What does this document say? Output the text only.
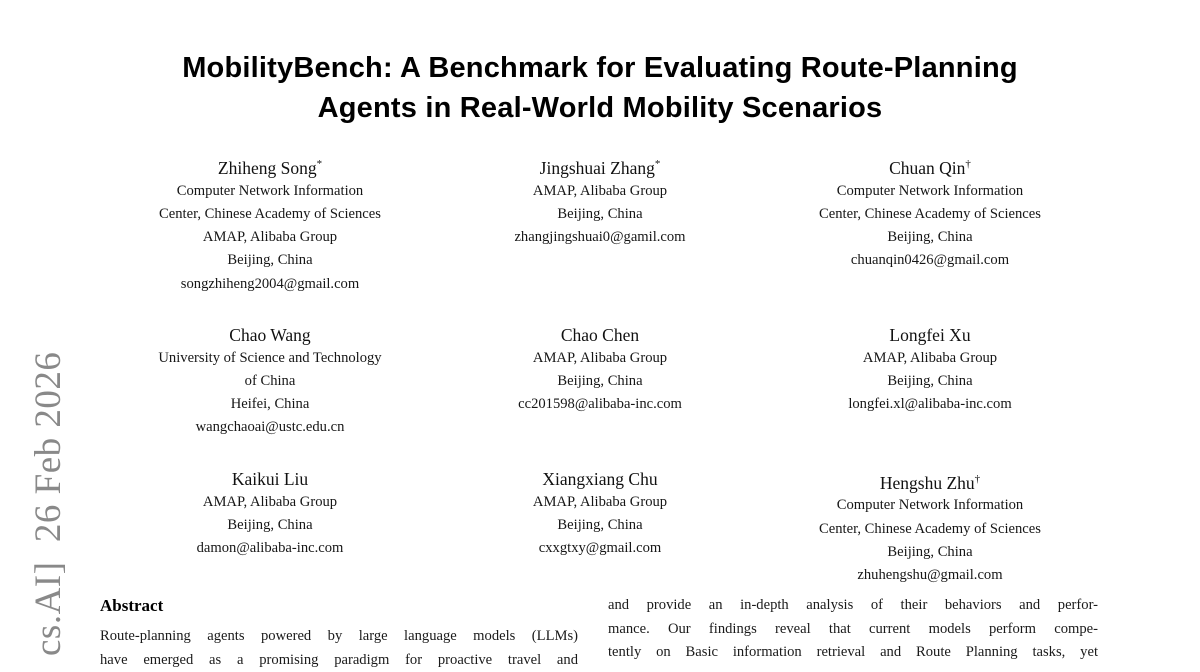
cs.AI]  26 Feb 2026
MobilityBench: A Benchmark for Evaluating Route-Planning
Agents in Real-World Mobility Scenarios
Zhiheng Song*
Computer Network Information
Center, Chinese Academy of Sciences
AMAP, Alibaba Group
Beijing, China
songzhiheng2004@gmail.com
Jingshuai Zhang*
AMAP, Alibaba Group
Beijing, China
zhangjingshuai0@gamil.com
Chuan Qin†
Computer Network Information
Center, Chinese Academy of Sciences
Beijing, China
chuanqin0426@gmail.com
Chao Wang
University of Science and Technology
of China
Heifei, China
wangchaoai@ustc.edu.cn
Chao Chen
AMAP, Alibaba Group
Beijing, China
cc201598@alibaba-inc.com
Longfei Xu
AMAP, Alibaba Group
Beijing, China
longfei.xl@alibaba-inc.com
Kaikui Liu
AMAP, Alibaba Group
Beijing, China
damon@alibaba-inc.com
Xiangxiang Chu
AMAP, Alibaba Group
Beijing, China
cxxgtxy@gmail.com
Hengshu Zhu†
Computer Network Information
Center, Chinese Academy of Sciences
Beijing, China
zhuhengshu@gmail.com
Abstract
Route-planning agents powered by large language models (LLMs)
have emerged as a promising paradigm for proactive travel and
and provide an in-depth analysis of their behaviors and perfor-
mance. Our findings reveal that current models perform compe-
tently on Basic information retrieval and Route Planning tasks, yet
